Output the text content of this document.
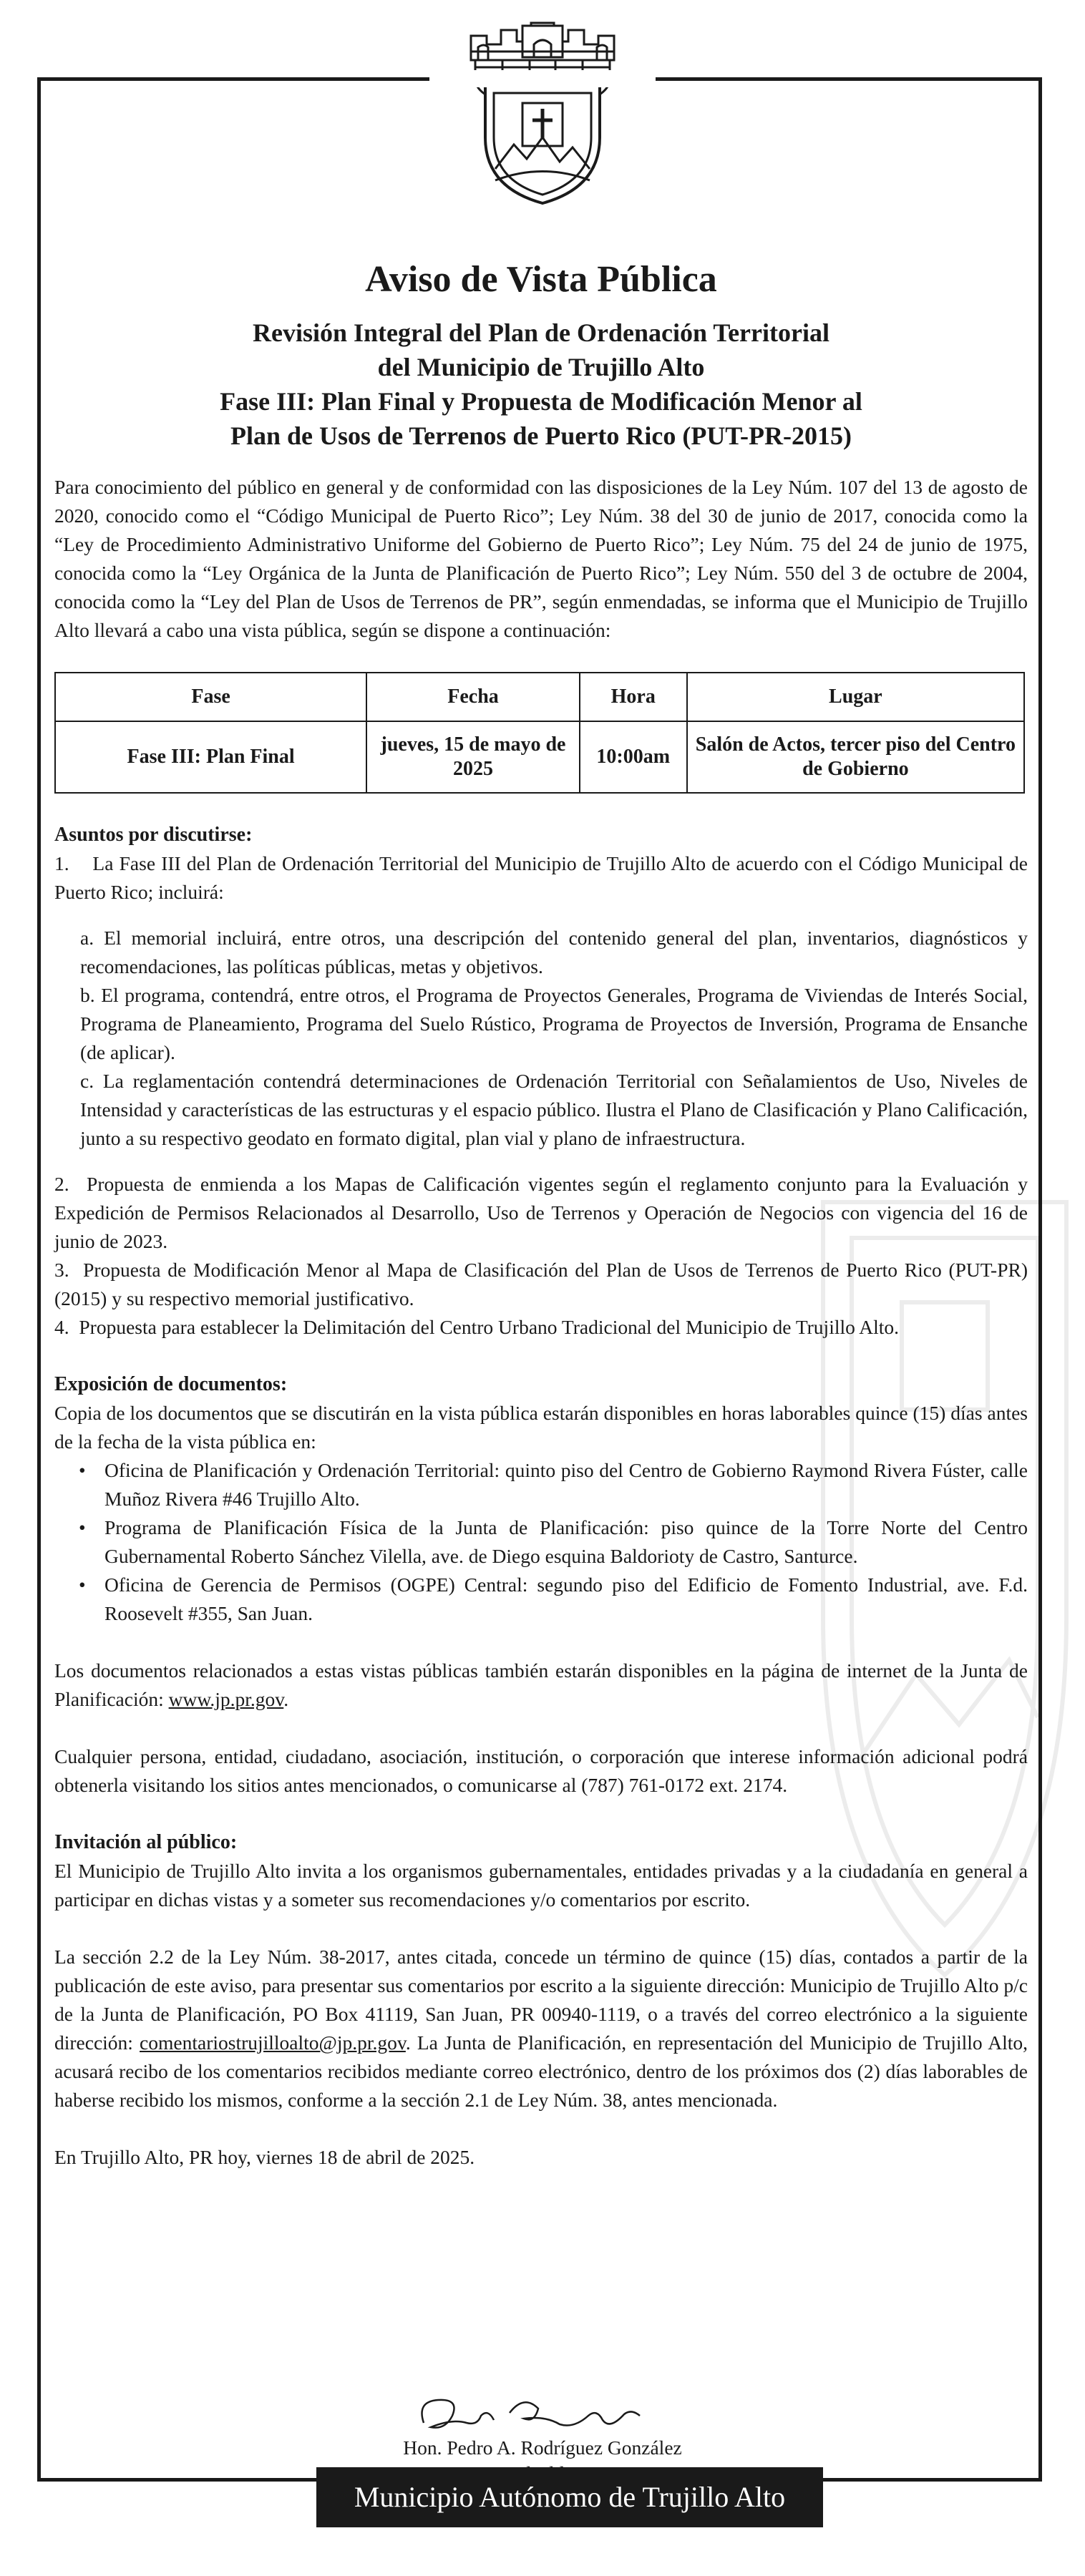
Aviso de Vista Pública
Revisión Integral del Plan de Ordenación Territorial
del Municipio de Trujillo Alto
Fase III: Plan Final y Propuesta de Modificación Menor al
Plan de Usos de Terrenos de Puerto Rico (PUT-PR-2015)

Para conocimiento del público en general y de conformidad con las disposiciones de la Ley Núm. 107 del 13 de agosto de 2020, conocido como el “Código Municipal de Puerto Rico”; Ley Núm. 38 del 30 de junio de 2017, conocida como la “Ley de Procedimiento Administrativo Uniforme del Gobierno de Puerto Rico”; Ley Núm. 75 del 24 de junio de 1975, conocida como la “Ley Orgánica de la Junta de Planificación de Puerto Rico”; Ley Núm. 550 del 3 de octubre de 2004, conocida como la “Ley del Plan de Usos de Terrenos de PR”, según enmendadas, se informa que el Municipio de Trujillo Alto llevará a cabo una vista pública, según se dispone a continuación:

Fase	Fecha	Hora	Lugar
Fase III: Plan Final	jueves, 15 de mayo de 2025	10:00am	Salón de Actos, tercer piso del Centro de Gobierno

Asuntos por discutirse:

1.    La Fase III del Plan de Ordenación Territorial del Municipio de Trujillo Alto de acuerdo con el Código Municipal de Puerto Rico; incluirá:

a. El memorial incluirá, entre otros, una descripción del contenido general del plan, inventarios, diagnósticos y recomendaciones, las políticas públicas, metas y objetivos.

b. El programa, contendrá, entre otros, el Programa de Proyectos Generales, Programa de Viviendas de Interés Social, Programa de Planeamiento, Programa del Suelo Rústico, Programa de Proyectos de Inversión, Programa de Ensanche (de aplicar).

c. La reglamentación contendrá determinaciones de Ordenación Territorial con Señalamientos de Uso, Niveles de Intensidad y características de las estructuras y el espacio público. Ilustra el Plano de Clasificación y Plano Calificación, junto a su respectivo geodato en formato digital, plan vial y plano de infraestructura.

2.  Propuesta de enmienda a los Mapas de Calificación vigentes según el reglamento conjunto para la Evaluación y Expedición de Permisos Relacionados al Desarrollo, Uso de Terrenos y Operación de Negocios con vigencia del 16 de junio de 2023.

3.  Propuesta de Modificación Menor al Mapa de Clasificación del Plan de Usos de Terrenos de Puerto Rico (PUT-PR) (2015) y su respectivo memorial justificativo.

4.  Propuesta para establecer la Delimitación del Centro Urbano Tradicional del Municipio de Trujillo Alto.

Exposición de documentos:

Copia de los documentos que se discutirán en la vista pública estarán disponibles en horas laborables quince (15) días antes de la fecha de la vista pública en:

• Oficina de Planificación y Ordenación Territorial: quinto piso del Centro de Gobierno Raymond Rivera Fúster, calle Muñoz Rivera #46 Trujillo Alto.
• Programa de Planificación Física de la Junta de Planificación: piso quince de la Torre Norte del Centro Gubernamental Roberto Sánchez Vilella, ave. de Diego esquina Baldorioty de Castro, Santurce.
• Oficina de Gerencia de Permisos (OGPE) Central: segundo piso del Edificio de Fomento Industrial, ave. F.d. Roosevelt #355, San Juan.

Los documentos relacionados a estas vistas públicas también estarán disponibles en la página de internet de la Junta de Planificación: www.jp.pr.gov.

Cualquier persona, entidad, ciudadano, asociación, institución, o corporación que interese información adicional podrá obtenerla visitando los sitios antes mencionados, o comunicarse al (787) 761-0172 ext. 2174.

Invitación al público:

El Municipio de Trujillo Alto invita a los organismos gubernamentales, entidades privadas y a la ciudadanía en general a participar en dichas vistas y a someter sus recomendaciones y/o comentarios por escrito.

La sección 2.2 de la Ley Núm. 38-2017, antes citada, concede un término de quince (15) días, contados a partir de la publicación de este aviso, para presentar sus comentarios por escrito a la siguiente dirección: Municipio de Trujillo Alto p/c de la Junta de Planificación, PO Box 41119, San Juan, PR 00940-1119, o a través del correo electrónico a la siguiente dirección: comentariostrujilloalto@jp.pr.gov. La Junta de Planificación, en representación del Municipio de Trujillo Alto, acusará recibo de los comentarios recibidos mediante correo electrónico, dentro de los próximos dos (2) días laborables de haberse recibido los mismos, conforme a la sección 2.1 de Ley Núm. 38, antes mencionada.

En Trujillo Alto, PR hoy, viernes 18 de abril de 2025.

Hon. Pedro A. Rodríguez González
Municipio Autónomo de Trujillo Alto
